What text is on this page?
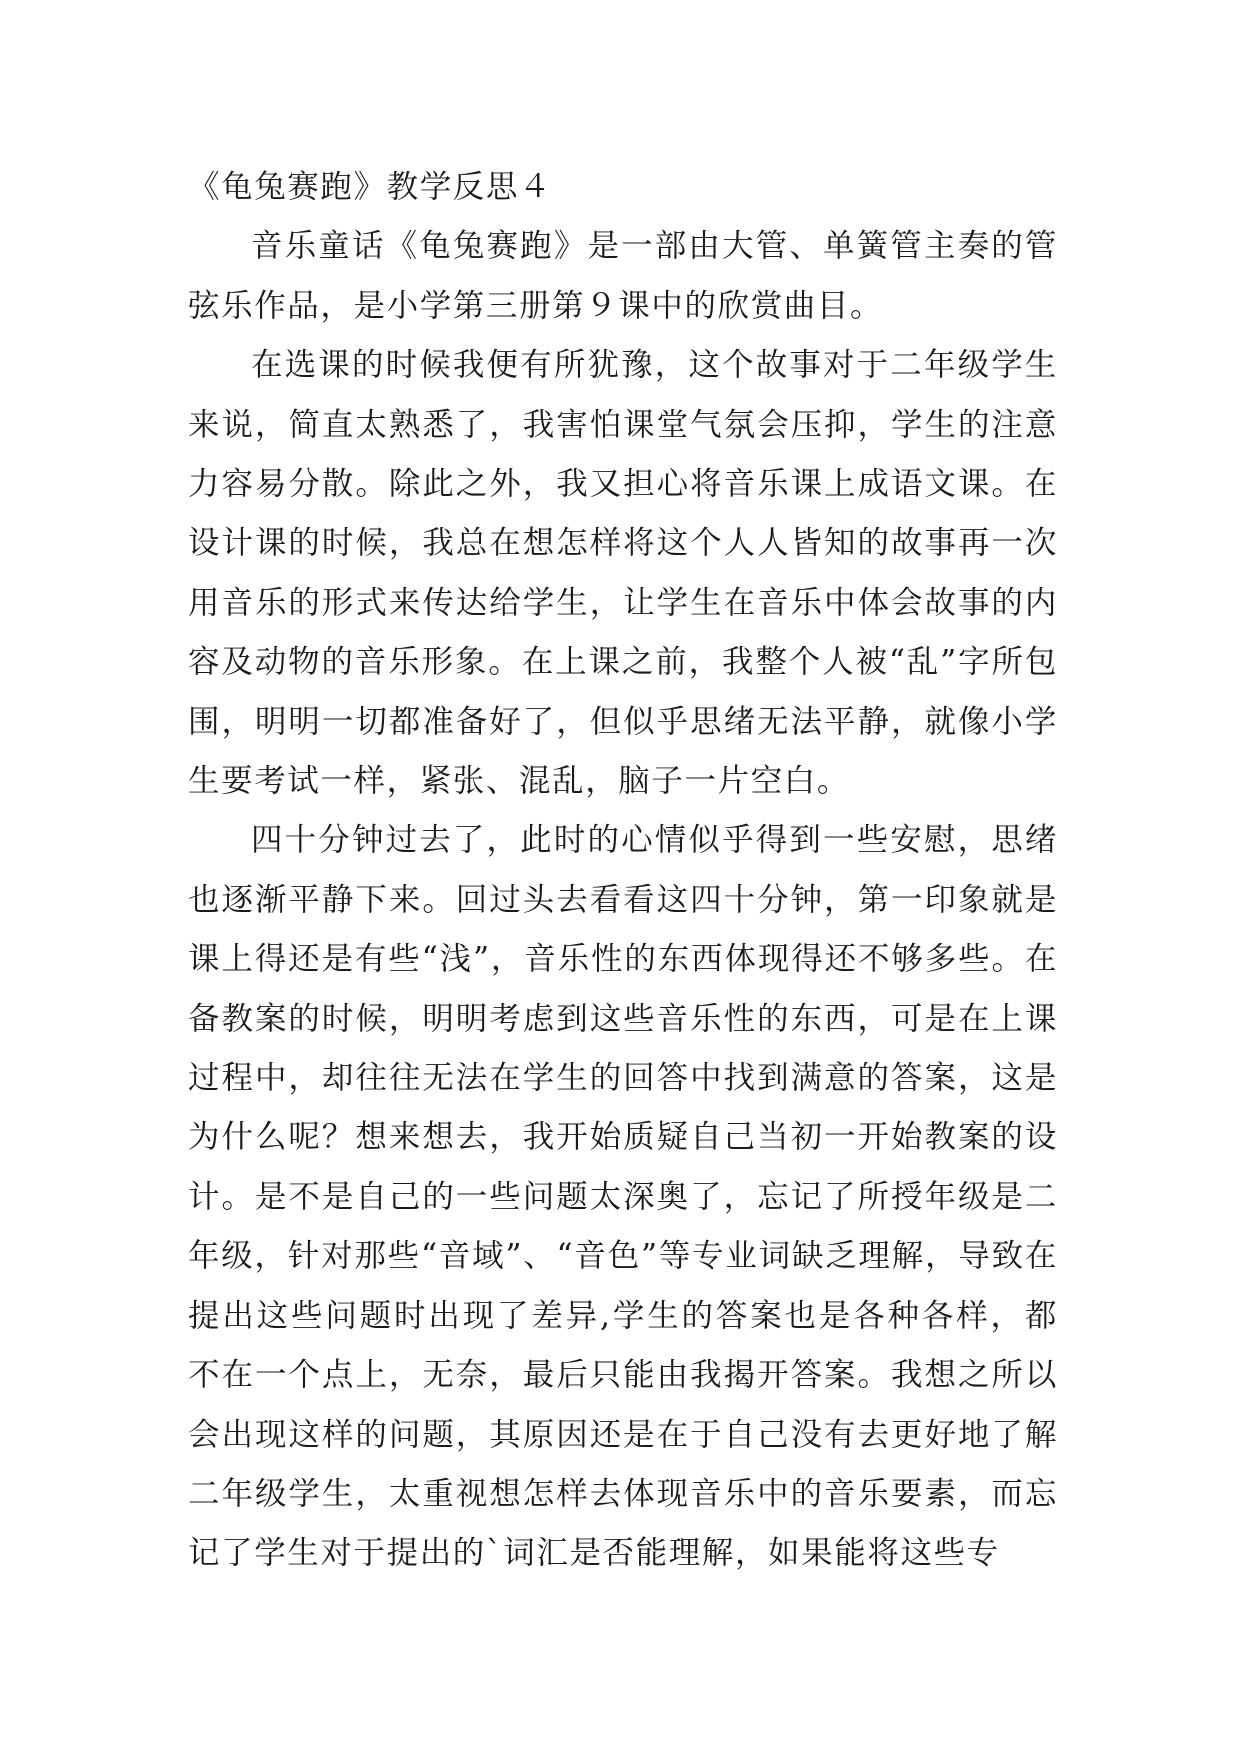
《龟兔赛跑》教学反思４

音乐童话《龟兔赛跑》是一部由大管、单簧管主奏的管弦乐作品，是小学第三册第９课中的欣赏曲目。

在选课的时候我便有所犹豫，这个故事对于二年级学生来说，简直太熟悉了，我害怕课堂气氛会压抑，学生的注意力容易分散。除此之外，我又担心将音乐课上成语文课。在设计课的时候，我总在想怎样将这个人人皆知的故事再一次用音乐的形式来传达给学生，让学生在音乐中体会故事的内容及动物的音乐形象。在上课之前，我整个人被“乱”字所包围，明明一切都准备好了，但似乎思绪无法平静，就像小学生要考试一样，紧张、混乱，脑子一片空白。

四十分钟过去了，此时的心情似乎得到一些安慰，思绪也逐渐平静下来。回过头去看看这四十分钟，第一印象就是课上得还是有些“浅”，音乐性的东西体现得还不够多些。在备教案的时候，明明考虑到这些音乐性的东西，可是在上课过程中，却往往无法在学生的回答中找到满意的答案，这是为什么呢？想来想去，我开始质疑自己当初一开始教案的设计。是不是自己的一些问题太深奥了，忘记了所授年级是二年级，针对那些“音域”、“音色”等专业词缺乏理解，导致在提出这些问题时出现了差异,学生的答案也是各种各样，都不在一个点上，无奈，最后只能由我揭开答案。我想之所以会出现这样的问题，其原因还是在于自己没有去更好地了解二年级学生，太重视想怎样去体现音乐中的音乐要素，而忘记了学生对于提出的`词汇是否能理解，如果能将这些专
